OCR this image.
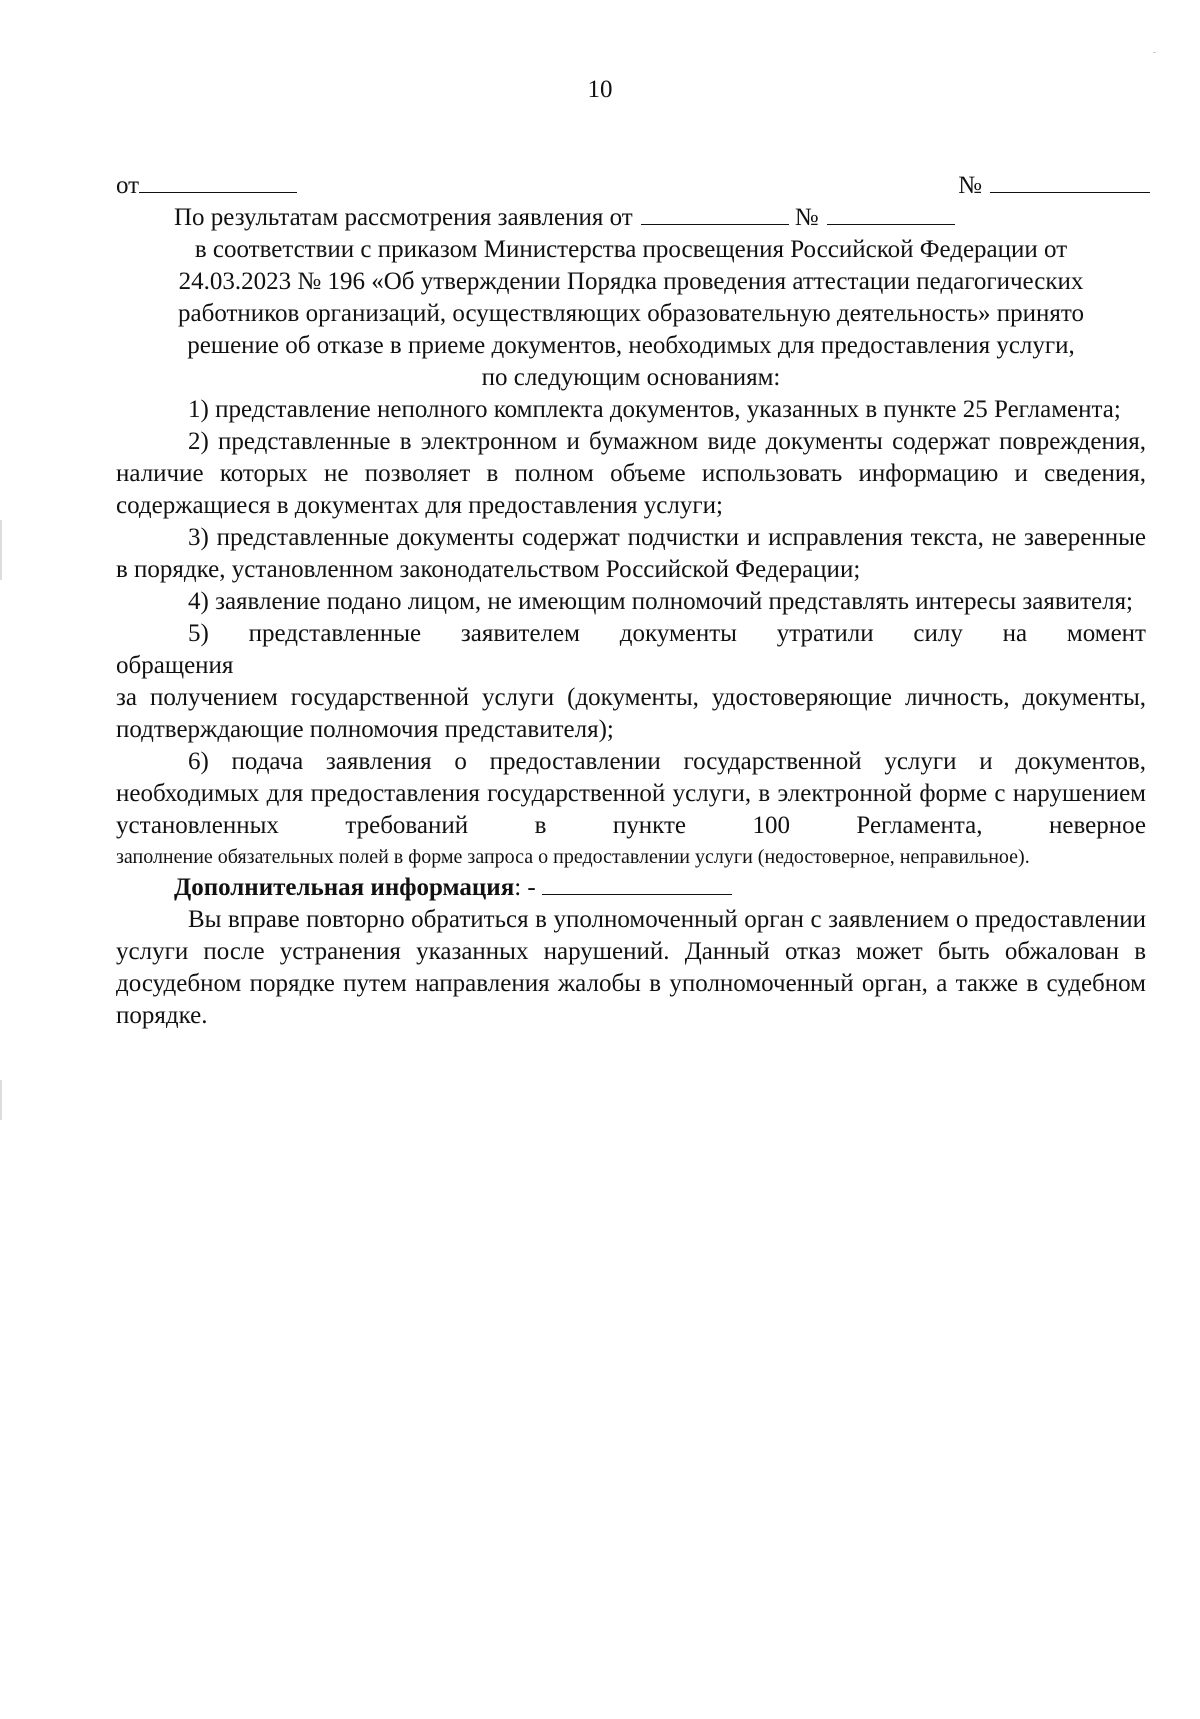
10
от	№
По результатам рассмотрения заявления от	№
в соответствии с приказом Министерства просвещения Российской Федерации от
24.03.2023 № 196 «Об утверждении Порядка проведения аттестации педагогических
работников организаций, осуществляющих образовательную деятельность» принято
решение об отказе в приеме документов, необходимых для предоставления услуги,
по следующим основаниям:

1) представление неполного комплекта документов, указанных в пункте 25 Регламента;

2) представленные в электронном и бумажном виде документы содержат повреждения, наличие которых не позволяет в полном объеме использовать информацию и сведения, содержащиеся в документах для предоставления услуги;

3) представленные документы содержат подчистки и исправления текста, не заверенные в порядке, установленном законодательством Российской Федерации;

4) заявление подано лицом, не имеющим полномочий представлять интересы заявителя;

5) представленные заявителем документы утратили силу на момент

обращения

за получением государственной услуги (документы, удостоверяющие личность, документы, подтверждающие полномочия представителя);

6) подача заявления о предоставлении государственной услуги и документов, необходимых для предоставления государственной услуги, в электронной форме с нарушением установленных требований в пункте 100 Регламента, неверное

заполнение обязательных полей в форме запроса о предоставлении услуги (недостоверное, неправильное).

Дополнительная информация: -

Вы вправе повторно обратиться в уполномоченный орган с заявлением о предоставлении услуги после устранения указанных нарушений. Данный отказ может быть обжалован в досудебном порядке путем направления жалобы в уполномоченный орган, а также в судебном порядке.
